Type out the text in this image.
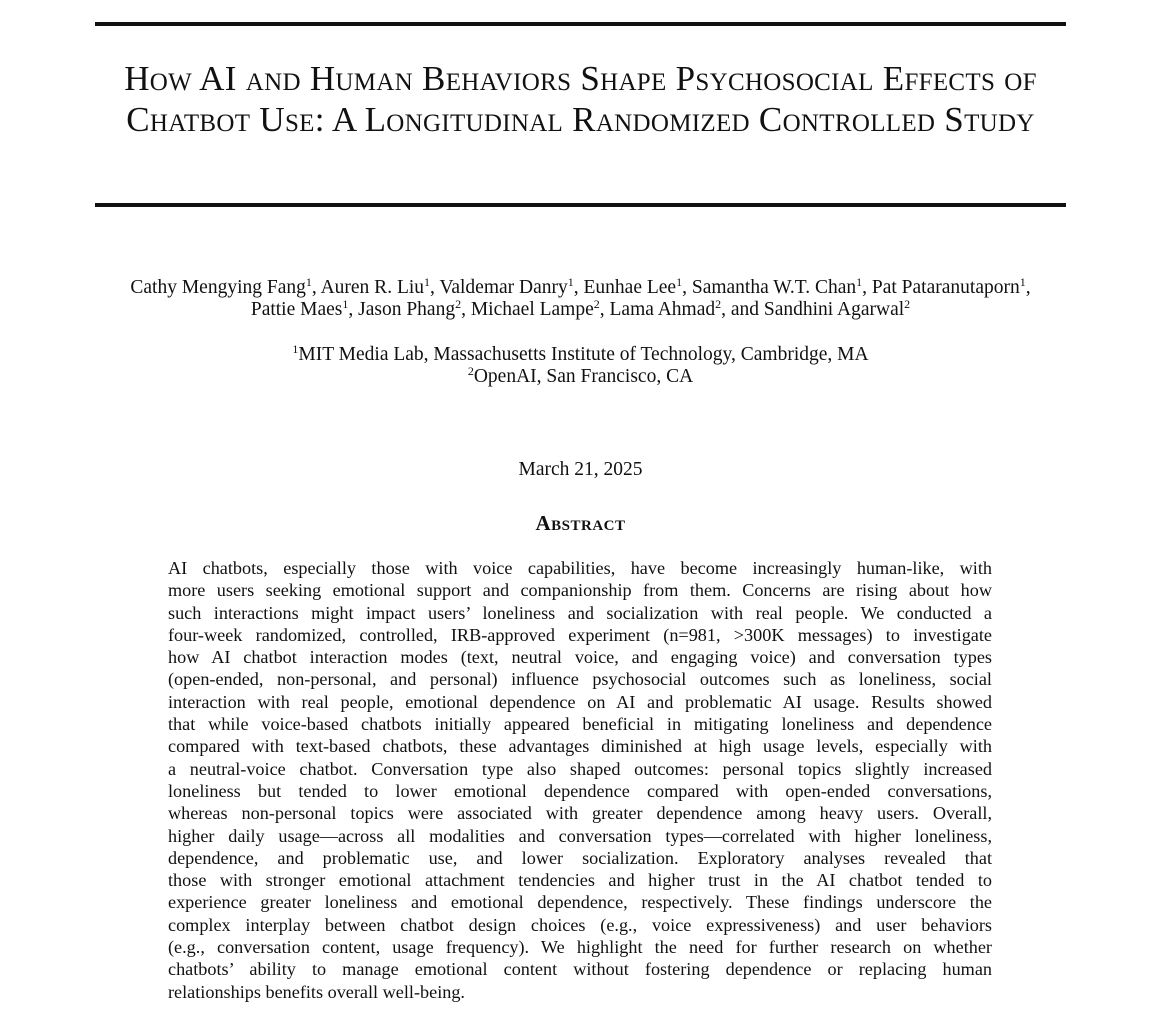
How AI and Human Behaviors Shape Psychosocial Effects of Chatbot Use: A Longitudinal Randomized Controlled Study
Cathy Mengying Fang$^1$, Auren R. Liu$^1$, Valdemar Danry$^1$, Eunhae Lee$^1$, Samantha W.T. Chan$^1$, Pat Pataranutaporn$^1$,
Pattie Maes$^1$, Jason Phang$^2$, Michael Lampe$^2$, Lama Ahmad$^2$, and Sandhini Agarwal$^2$
$^1$MIT Media Lab, Massachusetts Institute of Technology, Cambridge, MA
$^2$OpenAI, San Francisco, CA
March 21, 2025
Abstract
AI chatbots, especially those with voice capabilities, have become increasingly human-like, with
more users seeking emotional support and companionship from them. Concerns are rising about how
such interactions might impact users’ loneliness and socialization with real people. We conducted a
four-week randomized, controlled, IRB-approved experiment (n=981, >300K messages) to investigate
how AI chatbot interaction modes (text, neutral voice, and engaging voice) and conversation types
(open-ended, non-personal, and personal) influence psychosocial outcomes such as loneliness, social
interaction with real people, emotional dependence on AI and problematic AI usage. Results showed
that while voice-based chatbots initially appeared beneficial in mitigating loneliness and dependence
compared with text-based chatbots, these advantages diminished at high usage levels, especially with
a neutral-voice chatbot. Conversation type also shaped outcomes: personal topics slightly increased
loneliness but tended to lower emotional dependence compared with open-ended conversations,
whereas non-personal topics were associated with greater dependence among heavy users. Overall,
higher daily usage—across all modalities and conversation types—correlated with higher loneliness,
dependence, and problematic use, and lower socialization. Exploratory analyses revealed that
those with stronger emotional attachment tendencies and higher trust in the AI chatbot tended to
experience greater loneliness and emotional dependence, respectively. These findings underscore the
complex interplay between chatbot design choices (e.g., voice expressiveness) and user behaviors
(e.g., conversation content, usage frequency). We highlight the need for further research on whether
chatbots’ ability to manage emotional content without fostering dependence or replacing human
relationships benefits overall well-being.
